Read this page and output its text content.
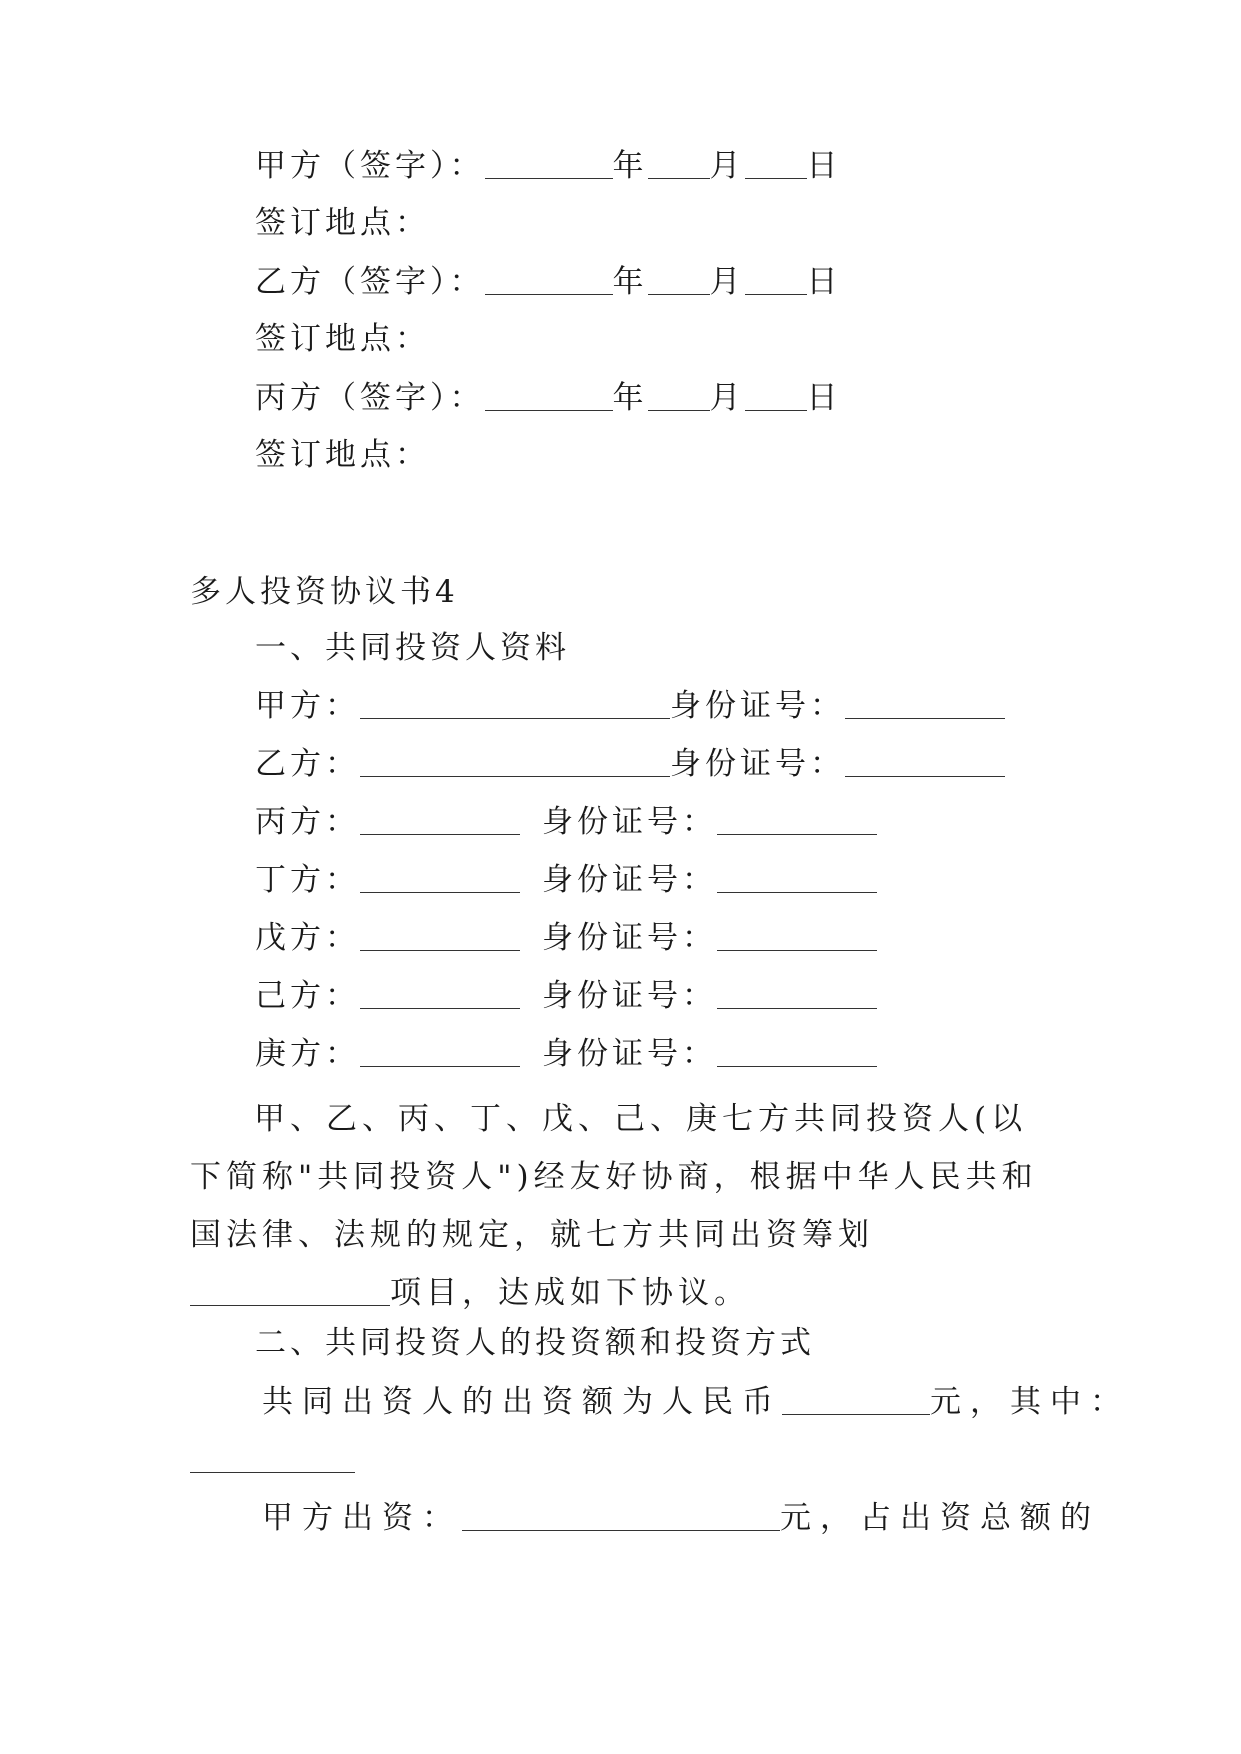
甲方（签字）：	年 月 日
签订地点：
乙方（签字）：	年 月 日
签订地点：
丙方（签字）：	年 月 日
签订地点：
多人投资协议书4
一、共同投资人资料
甲方：	身份证号：
乙方：	身份证号：
丙方：	身份证号：
丁方：	身份证号：
戊方：	身份证号：
己方：	身份证号：
庚方：	身份证号：

甲、乙、丙、丁、戊、己、庚七方共同投资人(以下简称"共同投资人")经友好协商，根据中华人民共和国法律、法规的规定，就七方共同出资筹划项目，达成如下协议。

二、共同投资人的投资额和投资方式
共同出资人的出资额为人民币	元，其中：
甲方出资：	元，占出资总额的
